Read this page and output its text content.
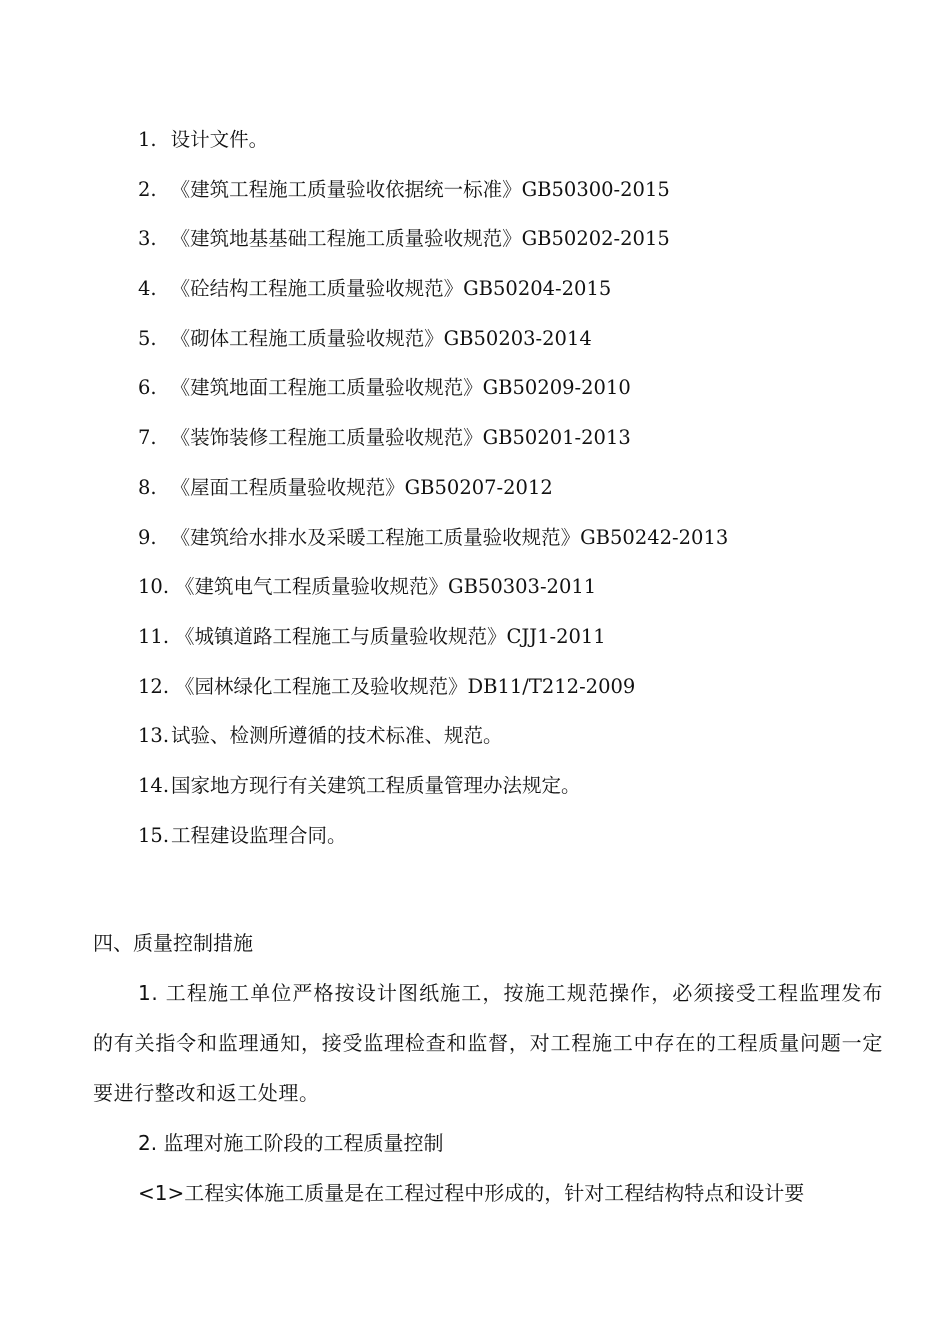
1. 设计文件。
2. 《建筑工程施工质量验收依据统一标准》GB50300-2015
3. 《建筑地基基础工程施工质量验收规范》GB50202-2015
4. 《砼结构工程施工质量验收规范》GB50204-2015
5. 《砌体工程施工质量验收规范》GB50203-2014
6. 《建筑地面工程施工质量验收规范》GB50209-2010
7. 《装饰装修工程施工质量验收规范》GB50201-2013
8. 《屋面工程质量验收规范》GB50207-2012
9. 《建筑给水排水及采暖工程施工质量验收规范》GB50242-2013
10. 《建筑电气工程质量验收规范》GB50303-2011
11. 《城镇道路工程施工与质量验收规范》CJJ1-2011
12. 《园林绿化工程施工及验收规范》DB11/T212-2009
13. 试验、检测所遵循的技术标准、规范。
14. 国家地方现行有关建筑工程质量管理办法规定。
15. 工程建设监理合同。
四、质量控制措施
1. 工程施工单位严格按设计图纸施工，按施工规范操作，必须接受工程监理发布的有关指令和监理通知，接受监理检查和监督，对工程施工中存在的工程质量问题一定要进行整改和返工处理。
2. 监理对施工阶段的工程质量控制
<1>工程实体施工质量是在工程过程中形成的，针对工程结构特点和设计要
